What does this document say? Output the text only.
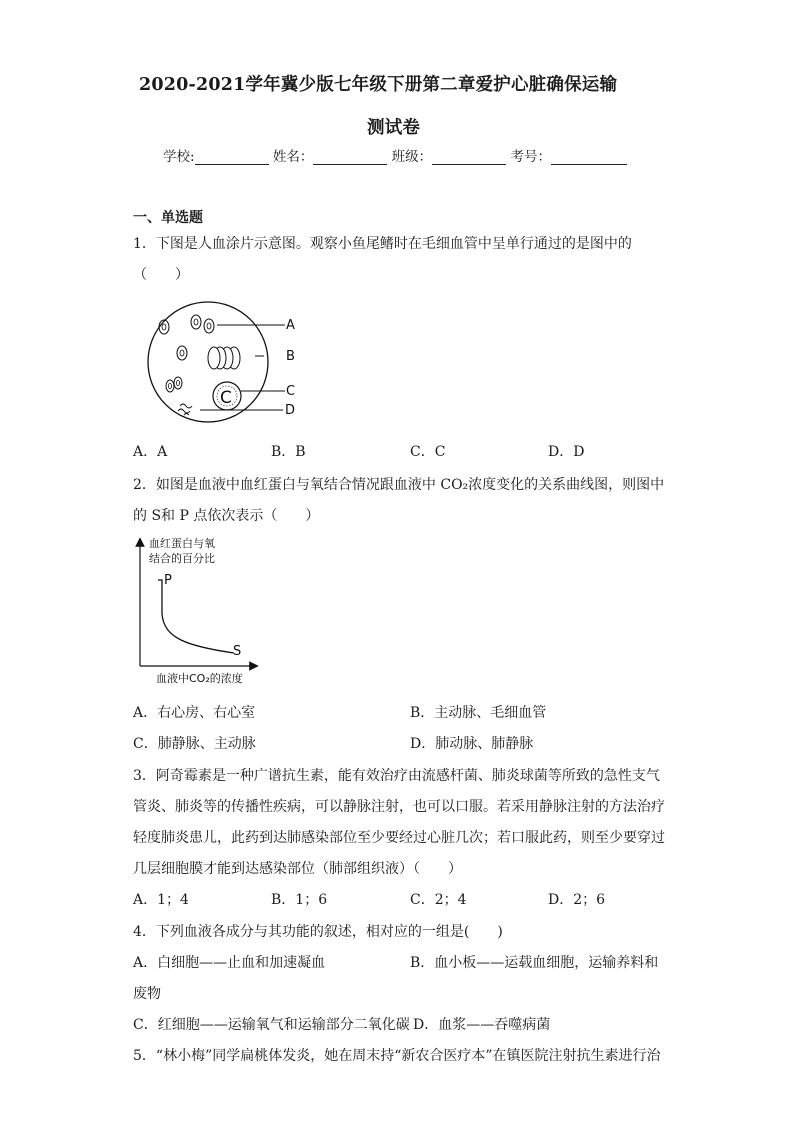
2020-2021学年冀少版七年级下册第二章爱护心脏确保运输
测试卷
学校:	姓名：	班级：	考号：
一、单选题
1．下图是人血涂片示意图。观察小鱼尾鳍时在毛细血管中呈单行通过的是图中的
（　　）
C
A
B
C
D
A．A	B．B	C．C	D．D
2．如图是血液中血红蛋白与氧结合情况跟血液中 CO₂浓度变化的关系曲线图，则图中
的 S和 P 点依次表示（　　）
血红蛋白与氧
结合的百分比
P
S
血液中CO₂的浓度
A．右心房、右心室	B．主动脉、毛细血管
C．肺静脉、主动脉	D．肺动脉、肺静脉
3．阿奇霉素是一种广谱抗生素，能有效治疗由流感杆菌、肺炎球菌等所致的急性支气
管炎、肺炎等的传播性疾病，可以静脉注射，也可以口服。若采用静脉注射的方法治疗
轻度肺炎患儿，此药到达肺感染部位至少要经过心脏几次；若口服此药，则至少要穿过
几层细胞膜才能到达感染部位（肺部组织液）（　　）
A．1；4	B．1；6	C．2；4	D．2；6
4．下列血液各成分与其功能的叙述，相对应的一组是(　　)
A．白细胞——止血和加速凝血	B．血小板——运载血细胞，运输养料和
废物
C．红细胞——运输氧气和运输部分二氧化碳 D．血浆——吞噬病菌
5．“林小梅”同学扁桃体发炎，她在周末持“新农合医疗本”在镇医院注射抗生素进行治
